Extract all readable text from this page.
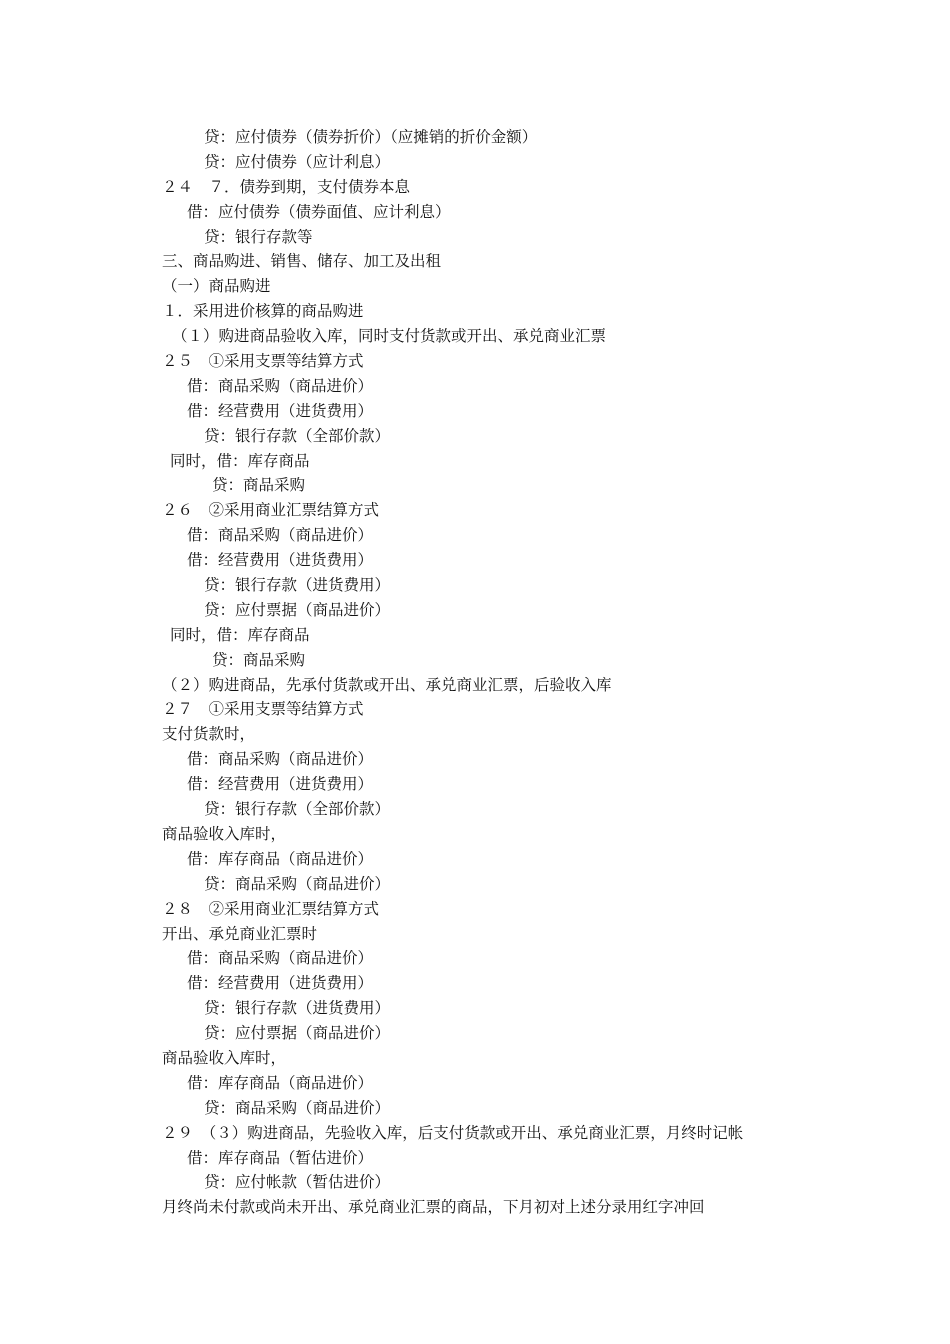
贷：应付债券（债券折价）（应摊销的折价金额）
贷：应付债券（应计利息）
２４　７．债券到期，支付债券本息
借：应付债券（债券面值、应计利息）
贷：银行存款等
三、商品购进、销售、储存、加工及出租
（一）商品购进
１．采用进价核算的商品购进
（１）购进商品验收入库，同时支付货款或开出、承兑商业汇票
２５　①采用支票等结算方式
借：商品采购（商品进价）
借：经营费用（进货费用）
贷：银行存款（全部价款）
同时，借：库存商品
贷：商品采购
２６　②采用商业汇票结算方式
借：商品采购（商品进价）
借：经营费用（进货费用）
贷：银行存款（进货费用）
贷：应付票据（商品进价）
同时，借：库存商品
贷：商品采购
（２）购进商品，先承付货款或开出、承兑商业汇票，后验收入库
２７　①采用支票等结算方式
支付货款时，
借：商品采购（商品进价）
借：经营费用（进货费用）
贷：银行存款（全部价款）
商品验收入库时，
借：库存商品（商品进价）
贷：商品采购（商品进价）
２８　②采用商业汇票结算方式
开出、承兑商业汇票时
借：商品采购（商品进价）
借：经营费用（进货费用）
贷：银行存款（进货费用）
贷：应付票据（商品进价）
商品验收入库时，
借：库存商品（商品进价）
贷：商品采购（商品进价）
２９　（３）购进商品，先验收入库，后支付货款或开出、承兑商业汇票，月终时记帐
借：库存商品（暂估进价）
贷：应付帐款（暂估进价）
月终尚未付款或尚未开出、承兑商业汇票的商品，下月初对上述分录用红字冲回
